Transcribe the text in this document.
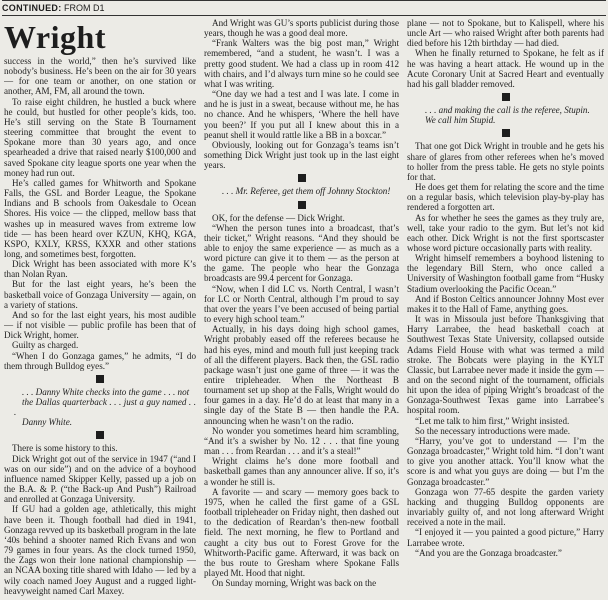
CONTINUED: FROM D1
Wright

success in the world,” then he’s survived like nobody’s business. He’s been on the air for 30 years — for one team or another, on one station or another, AM, FM, all around the town.

To raise eight children, he hustled a buck where he could, but hustled for other people’s kids, too. He’s still serving on the State B Tournament steering committee that brought the event to Spokane more than 30 years ago, and once spearheaded a drive that raised nearly $100,000 and saved Spokane city league sports one year when the money had run out.

He’s called games for Whitworth and Spokane Falls, the GSL and Border League, the Spokane Indians and B schools from Oakesdale to Ocean Shores. His voice — the clipped, mellow bass that washes up in measured waves from extreme low tide — has been heard over KZUN, KHQ, KGA, KSPO, KXLY, KRSS, KXXR and other stations long, and sometimes best, forgotten.

Dick Wright has been associated with more K’s than Nolan Ryan.

But for the last eight years, he’s been the basketball voice of Gonzaga University — again, on a variety of stations.

And so for the last eight years, his most audible — if not visible — public profile has been that of Dick Wright, homer.

Guilty as charged.

“When I do Gonzaga games,” he admits, “I do them through Bulldog eyes.”

. . . Danny White checks into the game . . . not
the Dallas quarterback . . . just a guy named . . .
Danny White.

There is some history to this.

Dick Wright got out of the service in 1947 (“and I was on our side”) and on the advice of a boyhood influence named Skipper Kelly, passed up a job on the B.A. & P. (“the Back-up And Push”) Railroad and enrolled at Gonzaga University.

If GU had a golden age, athletically, this might have been it. Though football had died in 1941, Gonzaga revved up its basketball program in the late ‘40s behind a shooter named Rich Evans and won 79 games in four years. As the clock turned 1950, the Zags won their lone national championship — an NCAA boxing title shared with Idaho — led by a wily coach named Joey August and a rugged light-heavyweight named Carl Maxey.

And Wright was GU’s sports publicist during those years, though he was a good deal more.

“Frank Walters was the big post man,” Wright remembered, “and a student, he wasn’t. I was a pretty good student. We had a class up in room 412 with chairs, and I’d always turn mine so he could see what I was writing.

“One day we had a test and I was late. I come in and he is just in a sweat, because without me, he has no chance. And he whispers, ‘Where the hell have you been?’ If you put all I knew about this in a peanut shell it would rattle like a BB in a boxcar.”

Obviously, looking out for Gonzaga’s teams isn’t something Dick Wright just took up in the last eight years.

. . . Mr. Referee, get them off Johnny Stockton!

OK, for the defense — Dick Wright.

“When the person tunes into a broadcast, that’s their ticket,” Wright reasons. “And they should be able to enjoy the same experience — as much as a word picture can give it to them — as the person at the game. The people who hear the Gonzaga broadcasts are 99.4 percent for Gonzaga.

“Now, when I did LC vs. North Central, I wasn’t for LC or North Central, although I’m proud to say that over the years I’ve been accused of being partial to every high school team.”

Actually, in his days doing high school games, Wright probably eased off the referees because he had his eyes, mind and mouth full just keeping track of all the different players. Back then, the GSL radio package wasn’t just one game of three — it was the entire tripleheader. When the Northeast B tournament set up shop at the Falls, Wright would do four games in a day. He’d do at least that many in a single day of the State B — then handle the P.A. announcing when he wasn’t on the radio.

No wonder you sometimes heard him scrambling, “And it’s a swisher by No. 12 . . . that fine young man . . . from Reardan . . . and it’s a steal!”

Wright claims he’s done more football and basketball games than any announcer alive. If so, it’s a wonder he still is.

A favorite — and scary — memory goes back to 1975, when he called the first game of a GSL football tripleheader on Friday night, then dashed out to the dedication of Reardan’s then-new football field. The next morning, he flew to Portland and caught a city bus out to Forest Grove for the Whitworth-Pacific game. Afterward, it was back on the bus route to Gresham where Spokane Falls played Mt. Hood that night.

On Sunday morning, Wright was back on the

plane — not to Spokane, but to Kalispell, where his uncle Art — who raised Wright after both parents had died before his 12th birthday — had died.

When he finally returned to Spokane, he felt as if he was having a heart attack. He wound up in the Acute Coronary Unit at Sacred Heart and eventually had his gall bladder removed.

. . . and making the call is the referee, Stupin.
We call him Stupid.

That one got Dick Wright in trouble and he gets his share of glares from other referees when he’s moved to holler from the press table. He gets no style points for that.

He does get them for relating the score and the time on a regular basis, which television play-by-play has rendered a forgotten art.

As for whether he sees the games as they truly are, well, take your radio to the gym. But let’s not kid each other. Dick Wright is not the first sportscaster whose word picture occasionally parts with reality.

Wright himself remembers a boyhood listening to the legendary Bill Stern, who once called a University of Washington football game from “Husky Stadium overlooking the Pacific Ocean.”

And if Boston Celtics announcer Johnny Most ever makes it to the Hall of Fame, anything goes.

It was in Missoula just before Thanksgiving that Harry Larrabee, the head basketball coach at Southwest Texas State University, collapsed outside Adams Field House with what was termed a mild stroke. The Bobcats were playing in the KYLT Classic, but Larrabee never made it inside the gym — and on the second night of the tournament, officials hit upon the idea of piping Wright’s broadcast of the Gonzaga-Southwest Texas game into Larrabee’s hospital room.

“Let me talk to him first,” Wright insisted.

So the necessary introductions were made.

“Harry, you’ve got to understand — I’m the Gonzaga broadcaster,” Wright told him. “I don’t want to give you another attack. You’ll know what the score is and what you guys are doing — but I’m the Gonzaga broadcaster.”

Gonzaga won 77-65 despite the garden variety hacking and thugging Bulldog opponents are invariably guilty of, and not long afterward Wright received a note in the mail.

“I enjoyed it — you painted a good picture,” Harry Larrabee wrote.

“And you are the Gonzaga broadcaster.”
